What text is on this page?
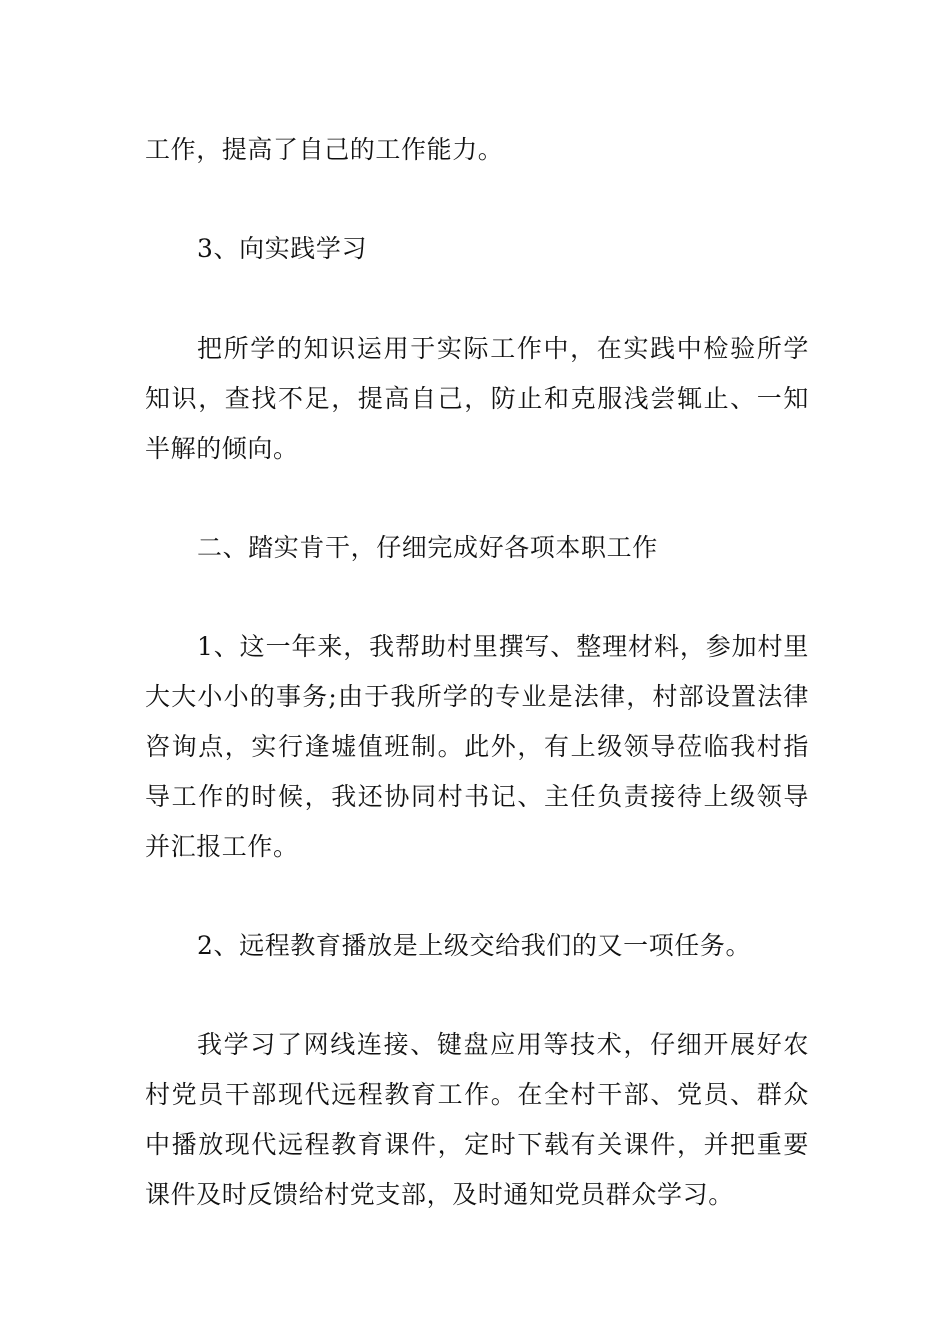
工作，提高了自己的工作能力。

3、向实践学习

把所学的知识运用于实际工作中，在实践中检验所学知识，查找不足，提高自己，防止和克服浅尝辄止、一知半解的倾向。

二、踏实肯干，仔细完成好各项本职工作

1、这一年来，我帮助村里撰写、整理材料，参加村里大大小小的事务;由于我所学的专业是法律，村部设置法律咨询点，实行逢墟值班制。此外，有上级领导莅临我村指导工作的时候，我还协同村书记、主任负责接待上级领导并汇报工作。

2、远程教育播放是上级交给我们的又一项任务。

我学习了网线连接、键盘应用等技术，仔细开展好农村党员干部现代远程教育工作。在全村干部、党员、群众中播放现代远程教育课件，定时下载有关课件，并把重要课件及时反馈给村党支部，及时通知党员群众学习。
